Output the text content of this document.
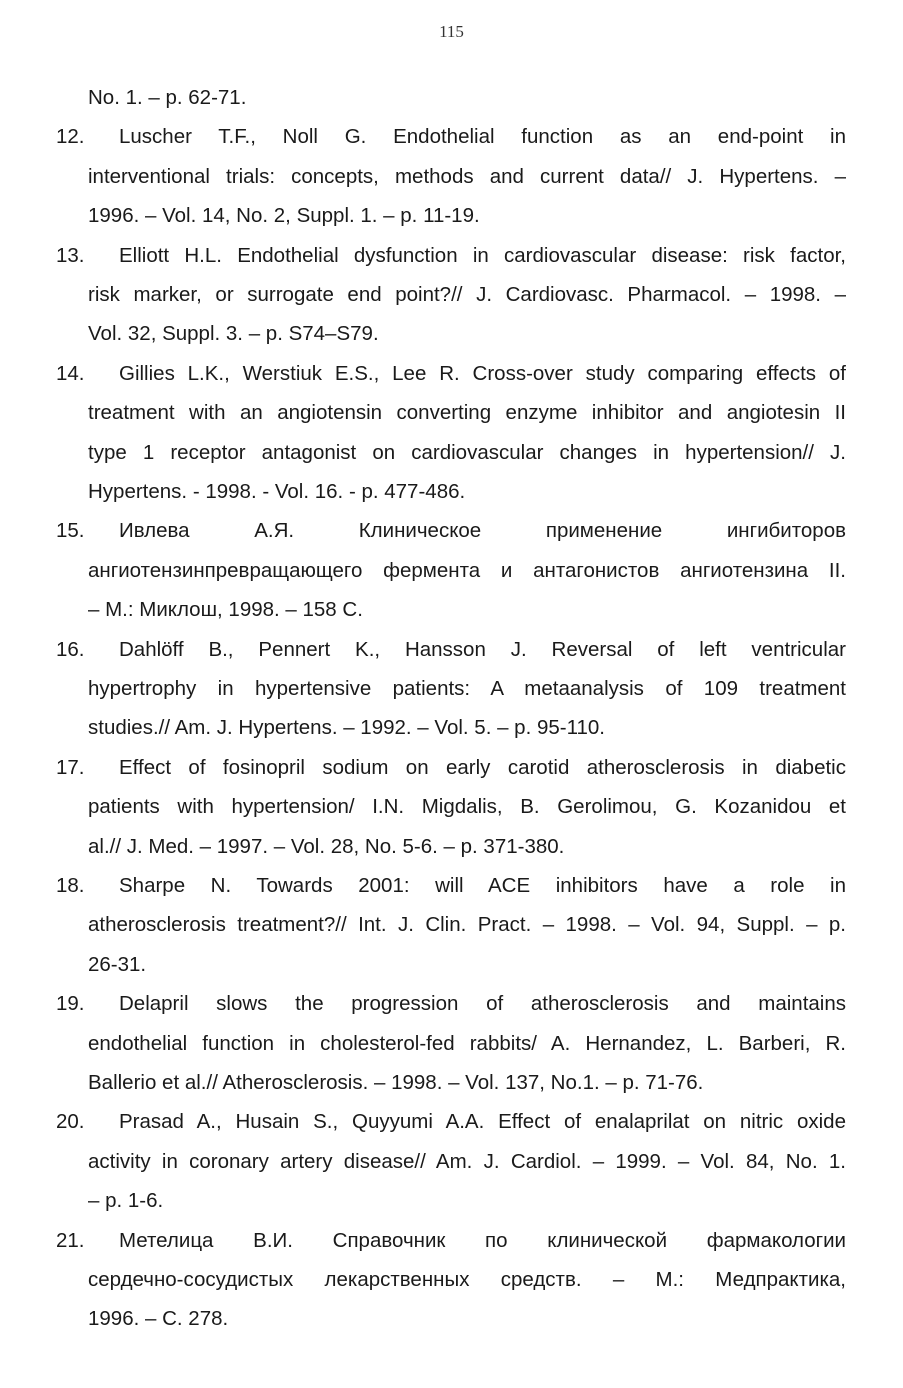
115
No. 1. – p. 62-71.
12. Luscher T.F., Noll G. Endothelial function as an end-point in
interventional trials: concepts, methods and current data// J. Hypertens. –
1996. – Vol. 14, No. 2, Suppl. 1. – p. 11-19.
13. Elliott H.L. Endothelial dysfunction in cardiovascular disease: risk factor,
risk marker, or surrogate end point?// J. Cardiovasc. Pharmacol. – 1998. –
Vol. 32, Suppl. 3. – p. S74–S79.
14. Gillies L.K., Werstiuk E.S., Lee R. Cross-over study comparing effects of
treatment with an angiotensin converting enzyme inhibitor and angiotesin II
type 1 receptor antagonist on cardiovascular changes in hypertension// J.
Hypertens. - 1998. - Vol. 16. - p. 477-486.
15. Ивлева А.Я. Клиническое применение ингибиторов
ангиотензинпревращающего фермента и антагонистов ангиотензина II.
– М.: Миклош, 1998. – 158 С.
16. Dahlöff B., Pennert K., Hansson J. Reversal of left ventricular
hypertrophy in hypertensive patients: A metaanalysis of 109 treatment
studies.// Am. J. Hypertens. – 1992. – Vol. 5. – p. 95-110.
17. Effect of fosinopril sodium on early carotid atherosclerosis in diabetic
patients with hypertension/ I.N. Migdalis, B. Gerolimou, G. Kozanidou et
al.// J. Med. – 1997. – Vol. 28, No. 5-6. – p. 371-380.
18. Sharpe N. Towards 2001: will ACE inhibitors have a role in
atherosclerosis treatment?// Int. J. Clin. Pract. – 1998. – Vol. 94, Suppl. – p.
26-31.
19. Delapril slows the progression of atherosclerosis and maintains
endothelial function in cholesterol-fed rabbits/ A. Hernandez, L. Barberi, R.
Ballerio et al.// Atherosclerosis. – 1998. – Vol. 137, No.1. – p. 71-76.
20. Prasad A., Husain S., Quyyumi A.A. Effect of enalaprilat on nitric oxide
activity in coronary artery disease// Am. J. Cardiol. – 1999. – Vol. 84, No. 1.
– p. 1-6.
21. Метелица В.И. Справочник по клинической фармакологии
сердечно-сосудистых лекарственных средств. – М.: Медпрактика,
1996. – С. 278.
